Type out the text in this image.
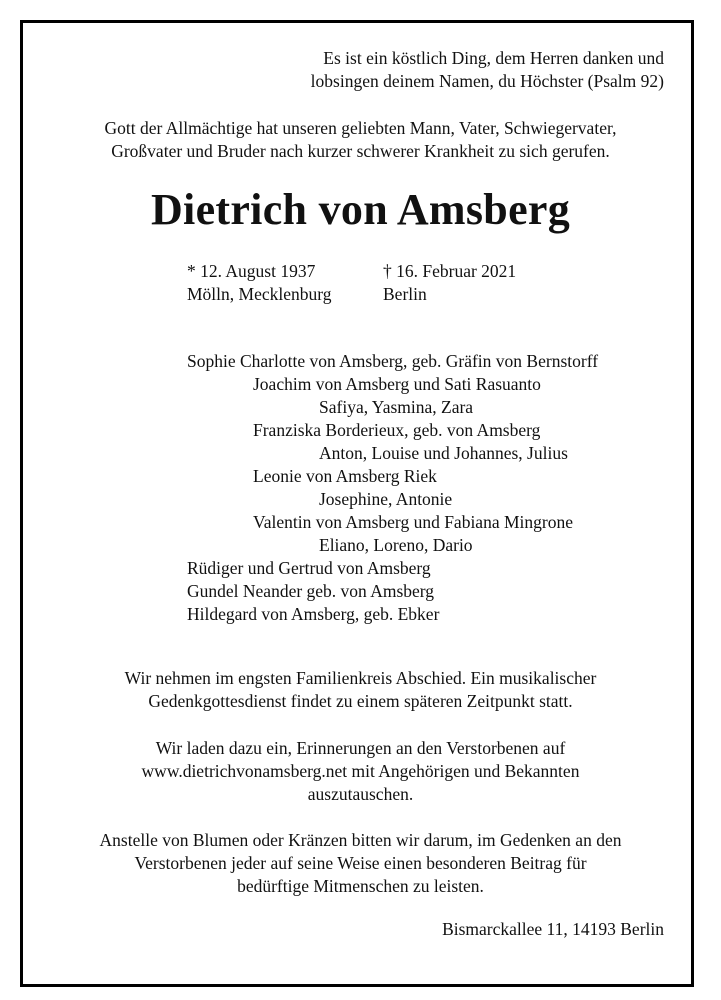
Es ist ein köstlich Ding, dem Herren danken und
lobsingen deinem Namen, du Höchster (Psalm 92)
Gott der Allmächtige hat unseren geliebten Mann, Vater, Schwiegervater,
Großvater und Bruder nach kurzer schwerer Krankheit zu sich gerufen.
Dietrich von Amsberg
* 12. August 1937
Mölln, Mecklenburg
† 16. Februar 2021
Berlin
Sophie Charlotte von Amsberg, geb. Gräfin von Bernstorff
Joachim von Amsberg und Sati Rasuanto
Safiya, Yasmina, Zara
Franziska Borderieux, geb. von Amsberg
Anton, Louise und Johannes, Julius
Leonie von Amsberg Riek
Josephine, Antonie
Valentin von Amsberg und Fabiana Mingrone
Eliano, Loreno, Dario
Rüdiger und Gertrud von Amsberg
Gundel Neander geb. von Amsberg
Hildegard von Amsberg, geb. Ebker
Wir nehmen im engsten Familienkreis Abschied. Ein musikalischer
Gedenkgottesdienst findet zu einem späteren Zeitpunkt statt.
Wir laden dazu ein, Erinnerungen an den Verstorbenen auf
www.dietrichvonamsberg.net mit Angehörigen und Bekannten
auszutauschen.
Anstelle von Blumen oder Kränzen bitten wir darum, im Gedenken an den
Verstorbenen jeder auf seine Weise einen besonderen Beitrag für
bedürftige Mitmenschen zu leisten.
Bismarckallee 11, 14193 Berlin
